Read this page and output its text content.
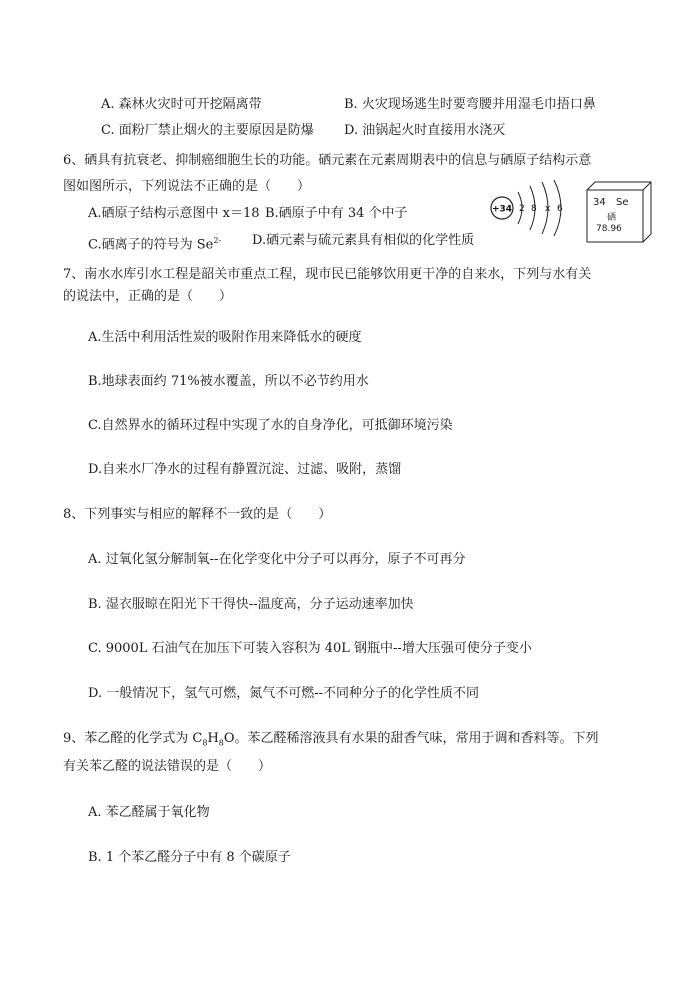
A. 森林火灾时可开挖隔离带	B. 火灾现场逃生时要弯腰并用湿毛巾捂口鼻
C. 面粉厂禁止烟火的主要原因是防爆 D. 油锅起火时直接用水浇灭
6、硒具有抗衰老、抑制癌细胞生长的功能。硒元素在元素周期表中的信息与硒原子结构示意
图如图所示，下列说法不正确的是（　　）
A.硒原子结构示意图中 x＝18 B.硒原子中有 34 个中子
C.硒离子的符号为 $Se^{2-}$ D.硒元素与硫元素具有相似的化学性质
+34 2 8 x 6
34 Se
硒
78.96
7、南水水库引水工程是韶关市重点工程，现市民已能够饮用更干净的自来水，下列与水有关
的说法中，正确的是（　　）
A.生活中利用活性炭的吸附作用来降低水的硬度
B.地球表面约 71%被水覆盖，所以不必节约用水
C.自然界水的循环过程中实现了水的自身净化，可抵御环境污染
D.自来水厂净水的过程有静置沉淀、过滤、吸附，蒸馏
8、下列事实与相应的解释不一致的是（　　）
A. 过氧化氢分解制氧--在化学变化中分子可以再分，原子不可再分
B. 湿衣服晾在阳光下干得快--温度高，分子运动速率加快
C. 9000L 石油气在加压下可装入容积为 40L 钢瓶中--增大压强可使分子变小
D. 一般情况下，氢气可燃，氮气不可燃--不同种分子的化学性质不同
9、苯乙醛的化学式为 $C_8H_8O$。苯乙醛稀溶液具有水果的甜香气味，常用于调和香料等。下列
有关苯乙醛的说法错误的是（　　）
A. 苯乙醛属于氧化物
B. 1 个苯乙醛分子中有 8 个碳原子
